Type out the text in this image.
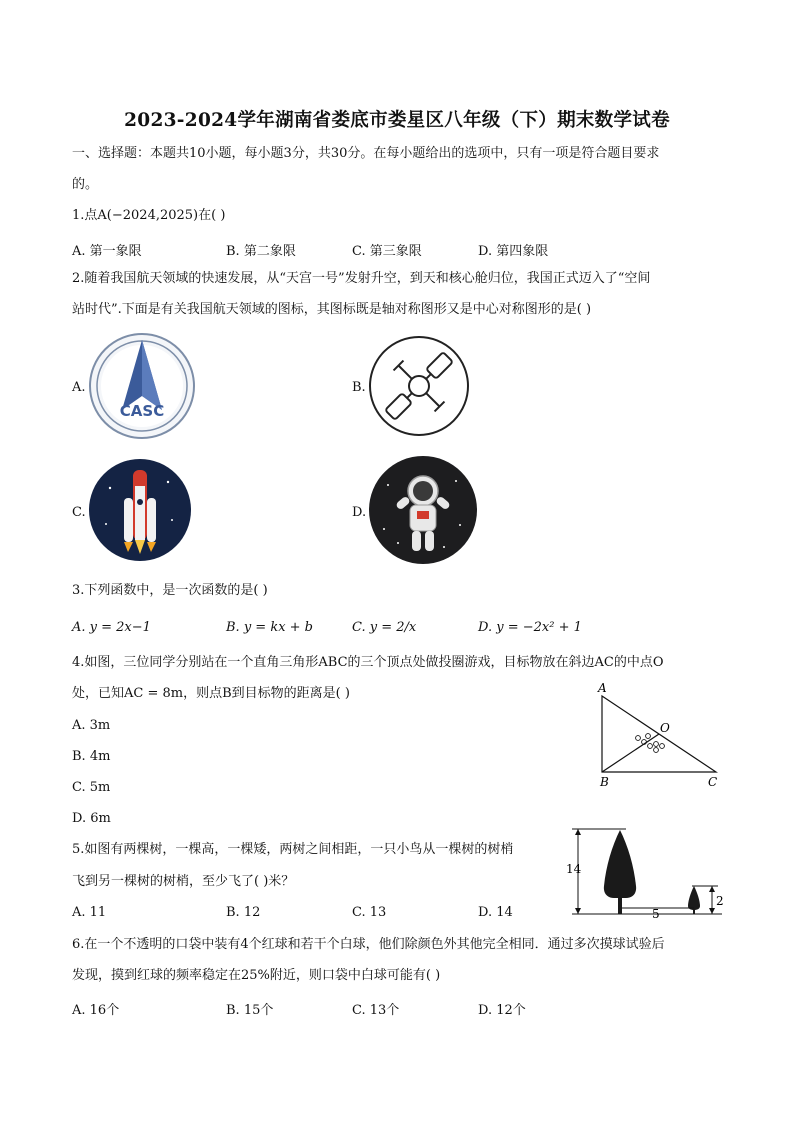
2023-2024学年湖南省娄底市娄星区八年级（下）期末数学试卷
一、选择题：本题共10小题，每小题3分，共30分。在每小题给出的选项中，只有一项是符合题目要求
的。
1.点A(−2024,2025)在( )
A. 第一象限	B. 第二象限	C. 第三象限	D. 第四象限
2.随着我国航天领域的快速发展，从“天宫一号”发射升空，到天和核心舱归位，我国正式迈入了“空间
站时代”.下面是有关我国航天领域的图标，其图标既是轴对称图形又是中心对称图形的是( )
A.
CASC
B.
C.	D.
3.下列函数中，是一次函数的是( )
A. y = 2x−1	B. y = kx + b	C. y = 2/x	D. y = −2x² + 1
4.如图，三位同学分别站在一个直角三角形ABC的三个顶点处做投圈游戏，目标物放在斜边AC的中点O
处，已知AC = 8m，则点B到目标物的距离是( )
A. 3m
B. 4m
C. 5m
D. 6m
A
B	C
O
5.如图有两棵树，一棵高，一棵矮，两树之间相距，一只小鸟从一棵树的树梢
飞到另一棵树的树梢，至少飞了( )米？
A. 11	B. 12	C. 13	D. 14
14
5
2
6.在一个不透明的口袋中装有4个红球和若干个白球，他们除颜色外其他完全相同．通过多次摸球试验后
发现，摸到红球的频率稳定在25%附近，则口袋中白球可能有( )
A. 16个	B. 15个	C. 13个	D. 12个
